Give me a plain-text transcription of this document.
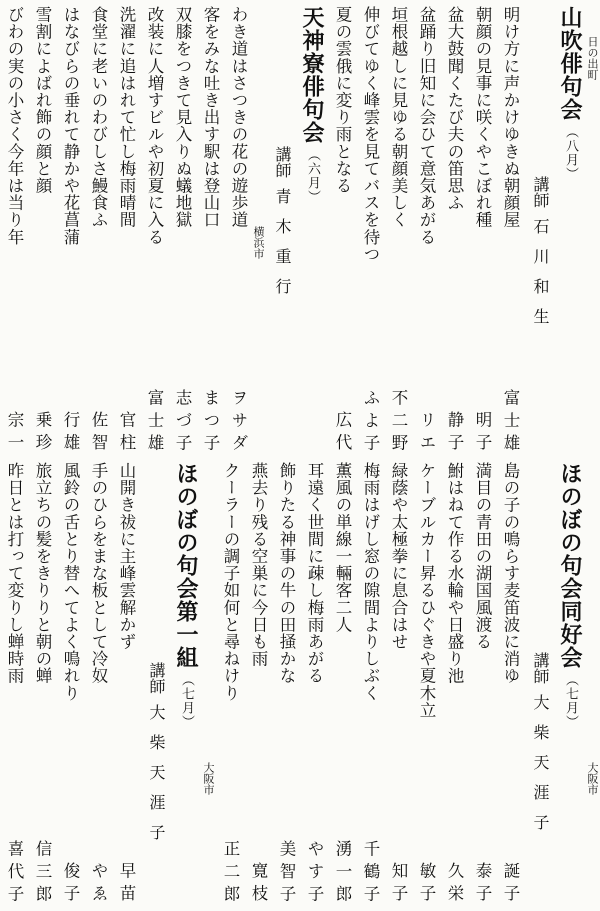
日の出町
山吹俳句会（八月）
講師石川和生
明け方に声かけゆきぬ朝顔屋
富士雄
朝顔の見事に咲くやこぼれ種
明子
盆大鼓聞くたび夫の笛思ふ
静子
盆踊り旧知に会ひて意気あがる
リエ
垣根越しに見ゆる朝顔美しく
不二野
伸びてゆく峰雲を見てバスを待つ
ふよ子
夏の雲俄に変り雨となる
広代
天神寮俳句会（六月）
講師青木重行
横浜市
わき道はさつきの花の遊歩道
ヲサダ
客をみな吐き出す駅は登山口
まつ子
双膝をつきて見入りぬ蟻地獄
志づ子
改装に人増すビルや初夏に入る
富士雄
洗濯に追はれて忙し梅雨晴間
官柱
食堂に老いのわびしさ鰻食ふ
佐智
はなびらの垂れて静かや花菖蒲
行雄
雪割によばれ飾の顔と顔
乗珍
びわの実の小さく今年は当り年
宗一
大阪市
ほのぼの句会同好会（七月）
講師大柴天涯子
島の子の鳴らす麦笛波に消ゆ
誕子
満目の青田の湖国風渡る
泰子
鮒はねて作る水輪や日盛り池
久栄
ケーブルカー昇るひぐきや夏木立
敏子
緑蔭や太極拳に息合はせ
知子
梅雨はげし窓の隙間よりしぶく
千鶴子
薫風の単線一輛客二人
湧一郎
耳遠く世間に疎し梅雨あがる
やす子
飾りたる神事の牛の田掻かな
美智子
燕去り残る空巣に今日も雨
寛枝
クーラーの調子如何と尋ねけり
正二郎
大阪市
ほのぼの句会第一組（七月）
講師大柴天涯子
山開き祓に主峰雲解かず
早苗
手のひらをまな板として冷奴
やゑ
風鈴の舌とり替へてよく鳴れり
俊子
旅立ちの髪をきりりと朝の蝉
信三郎
昨日とは打って変りし蝉時雨
喜代子
